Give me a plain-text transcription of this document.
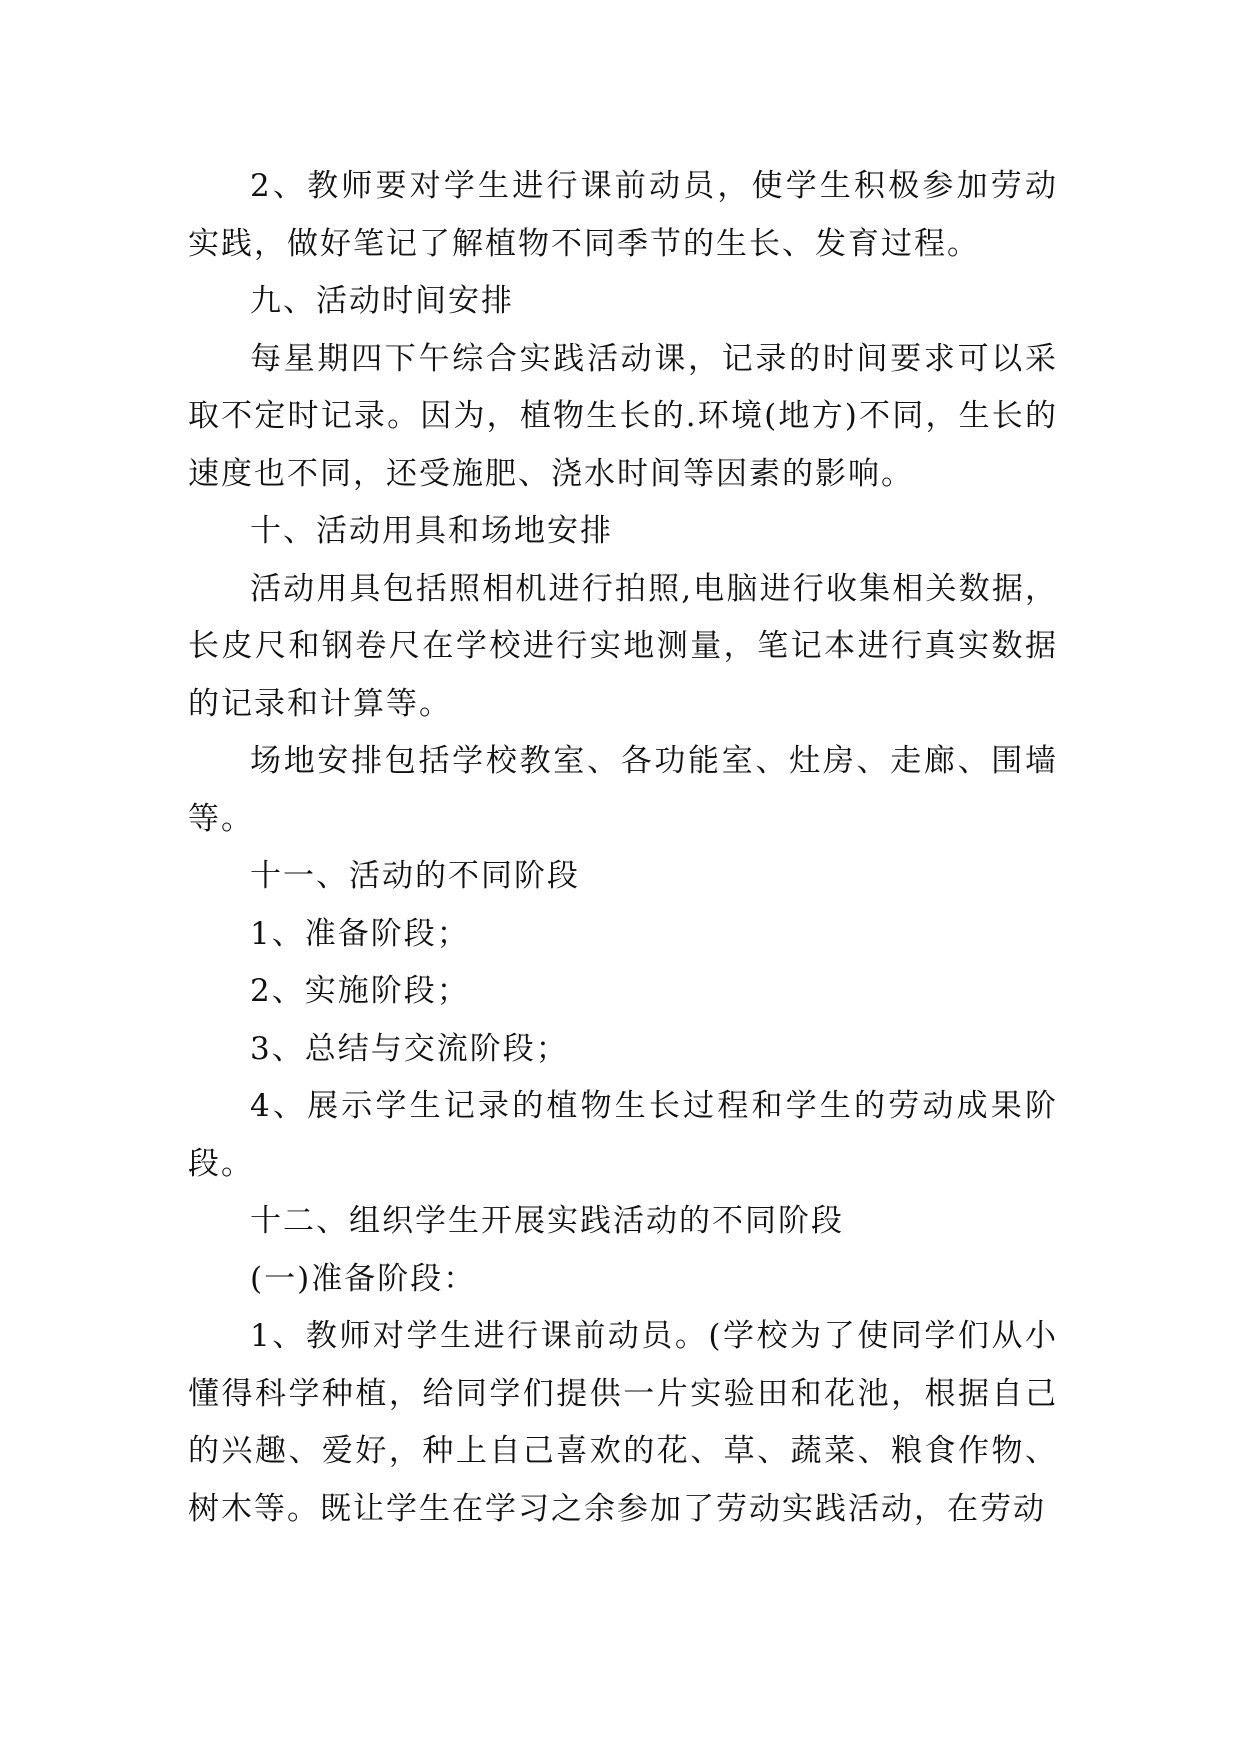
2、教师要对学生进行课前动员，使学生积极参加劳动实践，做好笔记了解植物不同季节的生长、发育过程。

九、活动时间安排

每星期四下午综合实践活动课，记录的时间要求可以采取不定时记录。因为，植物生长的.环境(地方)不同，生长的速度也不同，还受施肥、浇水时间等因素的影响。

十、活动用具和场地安排

活动用具包括照相机进行拍照,电脑进行收集相关数据，长皮尺和钢卷尺在学校进行实地测量，笔记本进行真实数据的记录和计算等。

场地安排包括学校教室、各功能室、灶房、走廊、围墙等。

十一、活动的不同阶段

1、准备阶段；

2、实施阶段；

3、总结与交流阶段；

4、展示学生记录的植物生长过程和学生的劳动成果阶段。

十二、组织学生开展实践活动的不同阶段

(一)准备阶段：

1、教师对学生进行课前动员。(学校为了使同学们从小懂得科学种植，给同学们提供一片实验田和花池，根据自己的兴趣、爱好，种上自己喜欢的花、草、蔬菜、粮食作物、树木等。既让学生在学习之余参加了劳动实践活动，在劳动
